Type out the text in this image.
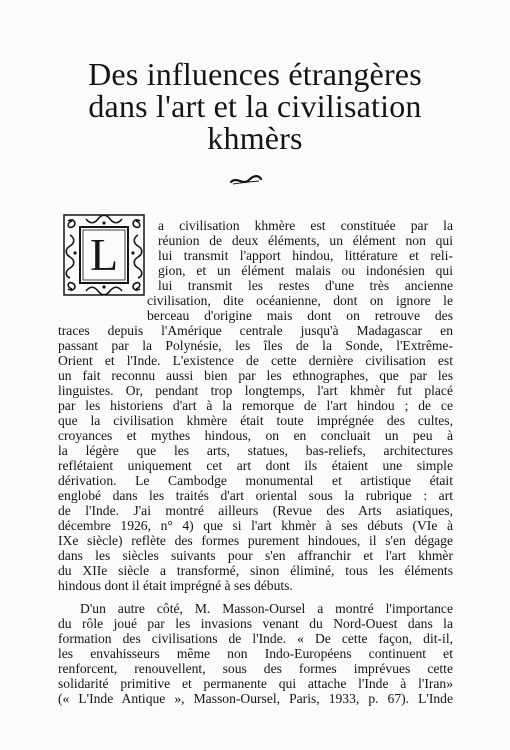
Des influences étrangères
dans l'art et la civilisation
khmèrs
L
a civilisation khmère est constituée par la
réunion de deux éléments, un élément non qui
lui transmit l'apport hindou, littérature et reli-
gion, et un élément malais ou indonésien qui
lui transmit les restes d'une très ancienne
civilisation, dite océanienne, dont on ignore le
berceau d'origine mais dont on retrouve des
traces depuis l'Amérique centrale jusqu'à Madagascar en
passant par la Polynésie, les îles de la Sonde, l'Extrême-
Orient et l'Inde. L'existence de cette dernière civilisation est
un fait reconnu aussi bien par les ethnographes, que par les
linguistes. Or, pendant trop longtemps, l'art khmèr fut placé
par les historiens d'art à la remorque de l'art hindou ; de ce
que la civilisation khmère était toute imprégnée des cultes,
croyances et mythes hindous, on en concluait un peu à
la légère que les arts, statues, bas-reliefs, architectures
reflétaient uniquement cet art dont ils étaient une simple
dérivation. Le Cambodge monumental et artistique était
englobé dans les traités d'art oriental sous la rubrique : art
de l'Inde. J'ai montré ailleurs (Revue des Arts asiatiques,
décembre 1926, n° 4) que si l'art khmèr à ses débuts (VIe à
IXe siècle) reflète des formes purement hindoues, il s'en dégage
dans les siècles suivants pour s'en affranchir et l'art khmèr
du XIIe siècle a transformé, sinon éliminé, tous les éléments
hindous dont il était imprégné à ses débuts.
D'un autre côté, M. Masson-Oursel a montré l'importance
du rôle joué par les invasions venant du Nord-Ouest dans la
formation des civilisations de l'Inde. « De cette façon, dit-il,
les envahisseurs même non Indo-Européens continuent et
renforcent, renouvellent, sous des formes imprévues cette
solidarité primitive et permanente qui attache l'Inde à l'Iran»
(« L'Inde Antique », Masson-Oursel, Paris, 1933, p. 67). L'Inde
